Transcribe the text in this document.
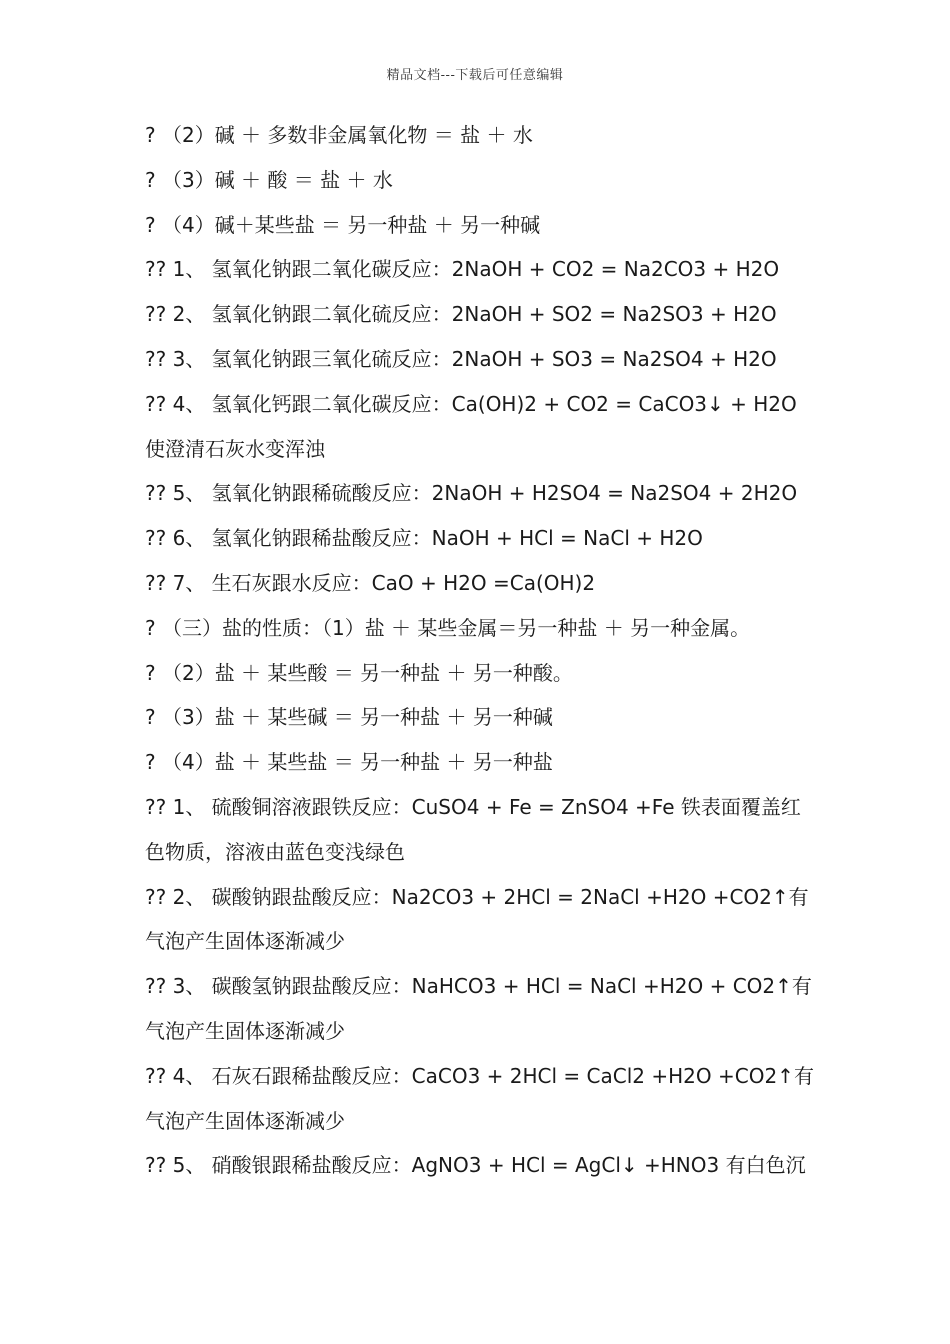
精品文档---下载后可任意编辑
? （2）碱 ＋ 多数非金属氧化物 ＝ 盐 ＋ 水
? （3）碱 ＋ 酸 ＝ 盐 ＋ 水
? （4）碱＋某些盐 ＝ 另一种盐 ＋ 另一种碱
?? 1、 氢氧化钠跟二氧化碳反应：2NaOH + CO2 = Na2CO3 + H2O
?? 2、 氢氧化钠跟二氧化硫反应：2NaOH + SO2 = Na2SO3 + H2O
?? 3、 氢氧化钠跟三氧化硫反应：2NaOH + SO3 = Na2SO4 + H2O
?? 4、 氢氧化钙跟二氧化碳反应：Ca(OH)2 + CO2 = CaCO3↓ + H2O
使澄清石灰水变浑浊
?? 5、 氢氧化钠跟稀硫酸反应：2NaOH + H2SO4 = Na2SO4 + 2H2O
?? 6、 氢氧化钠跟稀盐酸反应：NaOH + HCl = NaCl + H2O
?? 7、 生石灰跟水反应：CaO + H2O =Ca(OH)2
? （三）盐的性质：（1）盐 ＋ 某些金属＝另一种盐 ＋ 另一种金属。
? （2）盐 ＋ 某些酸 ＝ 另一种盐 ＋ 另一种酸。
? （3）盐 ＋ 某些碱 ＝ 另一种盐 ＋ 另一种碱
? （4）盐 ＋ 某些盐 ＝ 另一种盐 ＋ 另一种盐
?? 1、 硫酸铜溶液跟铁反应：CuSO4 + Fe = ZnSO4 +Fe 铁表面覆盖红
色物质，溶液由蓝色变浅绿色
?? 2、 碳酸钠跟盐酸反应：Na2CO3 + 2HCl = 2NaCl +H2O +CO2↑有
气泡产生固体逐渐减少
?? 3、 碳酸氢钠跟盐酸反应：NaHCO3 + HCl = NaCl +H2O + CO2↑有
气泡产生固体逐渐减少
?? 4、 石灰石跟稀盐酸反应：CaCO3 + 2HCl = CaCl2 +H2O +CO2↑有
气泡产生固体逐渐减少
?? 5、 硝酸银跟稀盐酸反应：AgNO3 + HCl = AgCl↓ +HNO3 有白色沉
